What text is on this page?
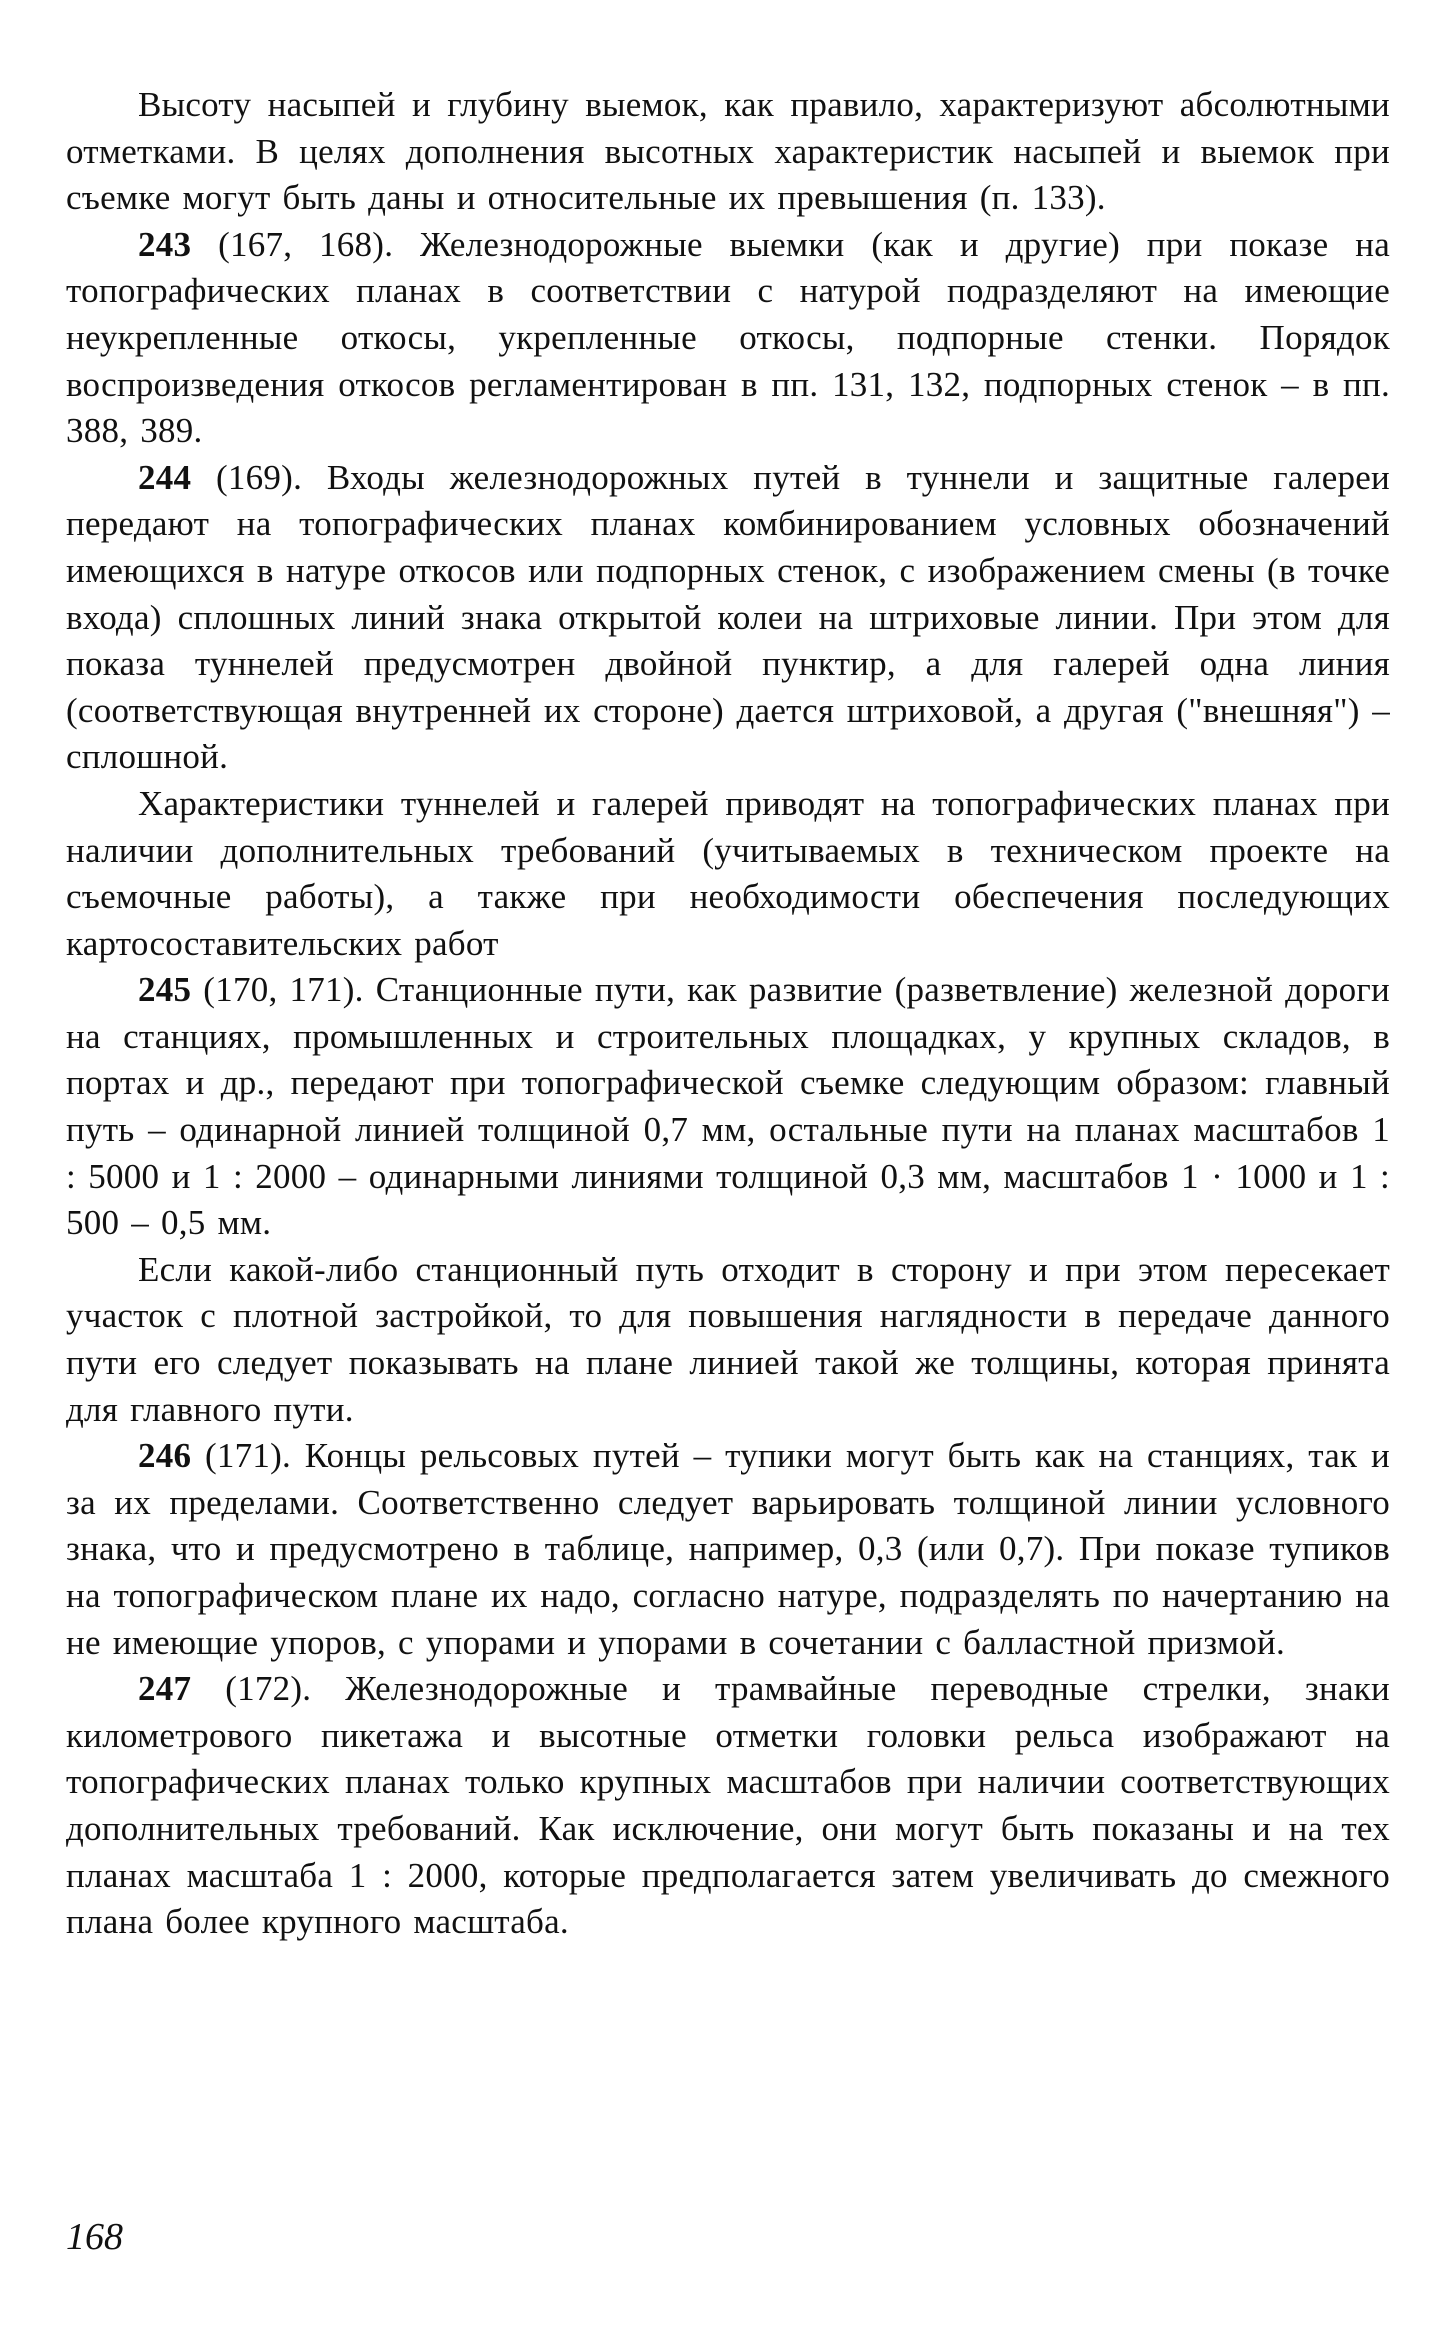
Высоту насыпей и глубину выемок, как правило, характеризуют абсолютными отметками. В целях дополнения высотных характеристик насыпей и выемок при съемке могут быть даны и относительные их превышения (п. 133).

243 (167, 168). Железнодорожные выемки (как и другие) при показе на топографических планах в соответствии с натурой подразделяют на имеющие неукрепленные откосы, укрепленные откосы, подпорные стенки. Порядок воспроизведения откосов регламентирован в пп. 131, 132, подпорных стенок – в пп. 388, 389.

244 (169). Входы железнодорожных путей в туннели и защитные галереи передают на топографических планах комбинированием условных обозначений имеющихся в натуре откосов или подпорных стенок, с изображением смены (в точке входа) сплошных линий знака открытой колеи на штриховые линии. При этом для показа туннелей предусмотрен двойной пунктир, а для галерей одна линия (соответствующая внутренней их стороне) дается штриховой, а другая ("внешняя") – сплошной.

Характеристики туннелей и галерей приводят на топографических планах при наличии дополнительных требований (учитываемых в техническом проекте на съемочные работы), а также при необходимости обеспечения последующих картосоставительских работ

245 (170, 171). Станционные пути, как развитие (разветвление) железной дороги на станциях, промышленных и строительных площадках, у крупных складов, в портах и др., передают при топографической съемке следующим образом: главный путь – одинарной линией толщиной 0,7 мм, остальные пути на планах масштабов 1 : 5000 и 1 : 2000 – одинарными линиями толщиной 0,3 мм, масштабов 1 · 1000 и 1 : 500 – 0,5 мм.

Если какой-либо станционный путь отходит в сторону и при этом пересекает участок с плотной застройкой, то для повышения наглядности в передаче данного пути его следует показывать на плане линией такой же толщины, которая принята для главного пути.

246 (171). Концы рельсовых путей – тупики могут быть как на станциях, так и за их пределами. Соответственно следует варьировать толщиной линии условного знака, что и предусмотрено в таблице, например, 0,3 (или 0,7). При показе тупиков на топографическом плане их надо, согласно натуре, подразделять по начертанию на не имеющие упоров, с упорами и упорами в сочетании с балластной призмой.

247 (172). Железнодорожные и трамвайные переводные стрелки, знаки километрового пикетажа и высотные отметки головки рельса изображают на топографических планах только крупных масштабов при наличии соответствующих дополнительных требований. Как исключение, они могут быть показаны и на тех планах масштаба 1 : 2000, которые предполагается затем увеличивать до смежного плана более крупного масштаба.

168
